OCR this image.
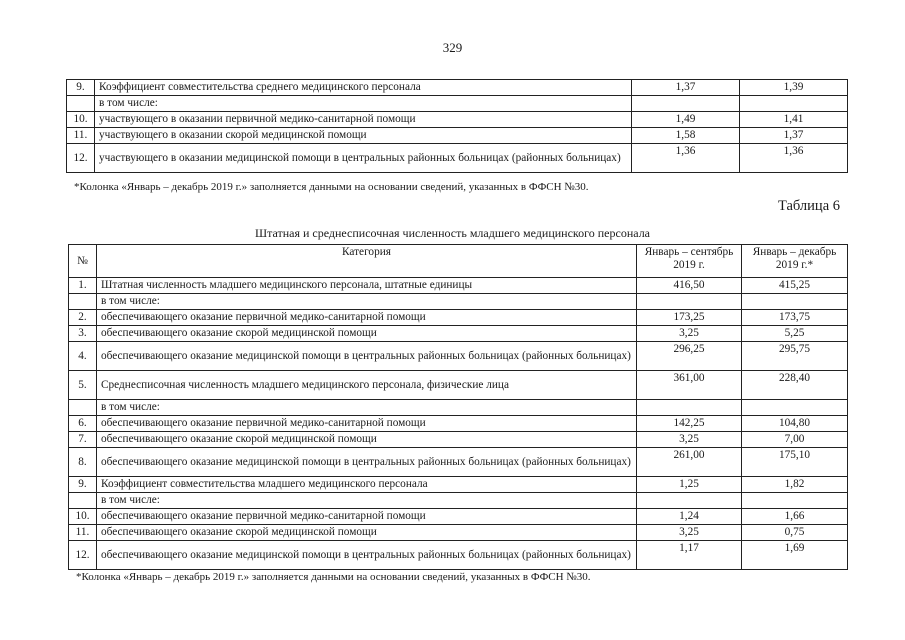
329
9.	Коэффициент совместительства среднего медицинского персонала	1,37	1,39
	в том числе:		
10.	участвующего в оказании первичной медико-санитарной помощи	1,49	1,41
11.	участвующего в оказании скорой медицинской помощи	1,58	1,37
12.	участвующего в оказании медицинской помощи в центральных районных больницах (районных больницах)	1,36	1,36
*Колонка «Январь – декабрь 2019 г.» заполняется данными на основании сведений, указанных в ФФСН №30.
Таблица 6
Штатная и среднесписочная численность младшего медицинского персонала
№	Категория	Январь – сентябрь 2019 г.	Январь – декабрь 2019 г.*
1.	Штатная численность младшего медицинского персонала, штатные единицы	416,50	415,25
	в том числе:		
2.	обеспечивающего оказание первичной медико-санитарной помощи	173,25	173,75
3.	обеспечивающего оказание скорой медицинской помощи	3,25	5,25
4.	обеспечивающего оказание медицинской помощи в центральных районных больницах (районных больницах)	296,25	295,75
5.	Среднесписочная численность младшего медицинского персонала, физические лица	361,00	228,40
	в том числе:		
6.	обеспечивающего оказание первичной медико-санитарной помощи	142,25	104,80
7.	обеспечивающего оказание скорой медицинской помощи	3,25	7,00
8.	обеспечивающего оказание медицинской помощи в центральных районных больницах (районных больницах)	261,00	175,10
9.	Коэффициент совместительства младшего медицинского персонала	1,25	1,82
	в том числе:		
10.	обеспечивающего оказание первичной медико-санитарной помощи	1,24	1,66
11.	обеспечивающего оказание скорой медицинской помощи	3,25	0,75
12.	обеспечивающего оказание медицинской помощи в центральных районных больницах (районных больницах)	1,17	1,69
*Колонка «Январь – декабрь 2019 г.» заполняется данными на основании сведений, указанных в ФФСН №30.
